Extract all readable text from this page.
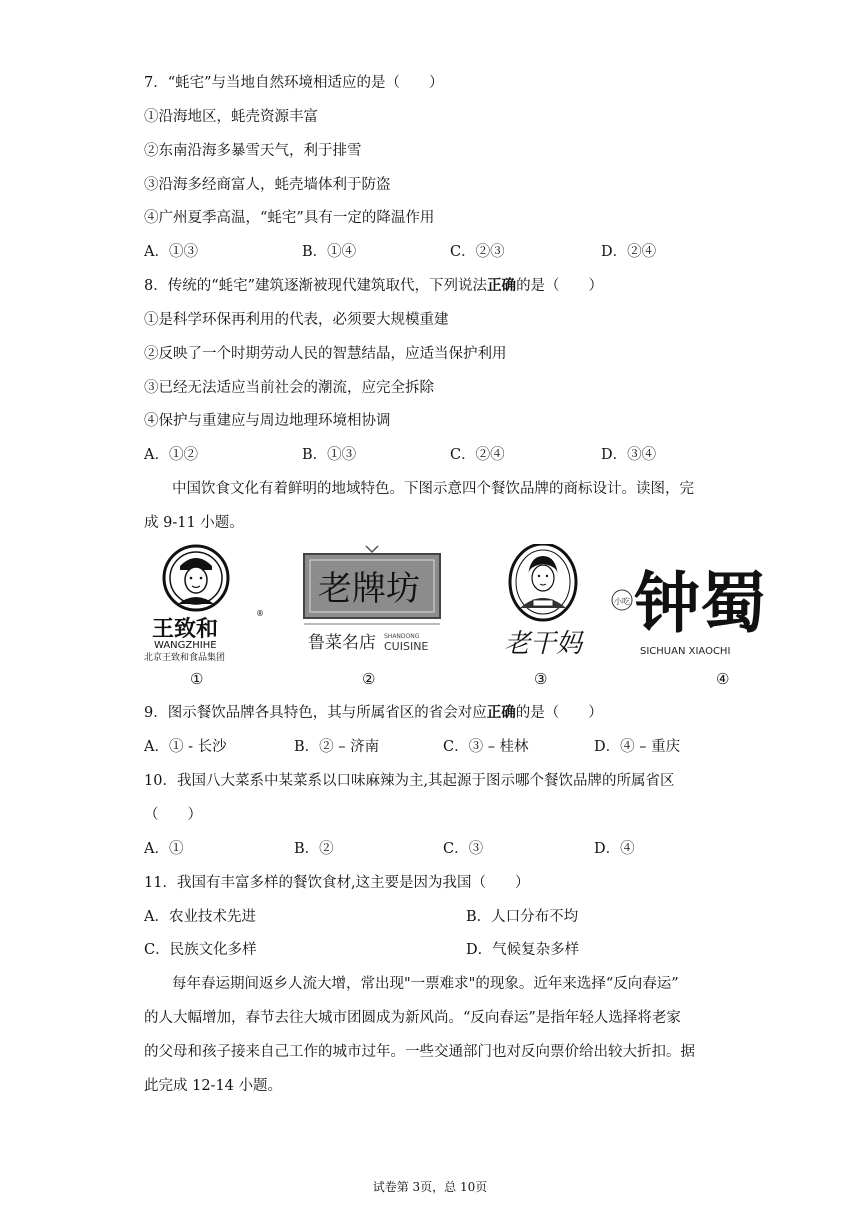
7．“蚝宅”与当地自然环境相适应的是（　　）
①沿海地区，蚝壳资源丰富
②东南沿海多暴雪天气，利于排雪
③沿海多经商富人，蚝壳墙体利于防盗
④广州夏季高温，“蚝宅”具有一定的降温作用
A．①③	B．①④	C．②③	D．②④
8．传统的“蚝宅”建筑逐渐被现代建筑取代，下列说法正确的是（　　）
①是科学环保再利用的代表，必须要大规模重建
②反映了一个时期劳动人民的智慧结晶，应适当保护利用
③已经无法适应当前社会的潮流，应完全拆除
④保护与重建应与周边地理环境相协调
A．①②	B．①③	C．②④	D．③④
中国饮食文化有着鲜明的地域特色。下图示意四个餐饮品牌的商标设计。读图，完
成 9-11 小题。
®
王致和
WANGZHIHE
北京王致和食品集团
老牌坊
鲁菜名店 SHANDONG
CUISINE	老干妈
小吃 钟蜀
SICHUAN XIAOCHI
①	②	③	④
9．图示餐饮品牌各具特色，其与所属省区的省会对应正确的是（　　）
A．① - 长沙	B．② – 济南	C．③ – 桂林	D．④ – 重庆
10．我国八大菜系中某菜系以口味麻辣为主,其起源于图示哪个餐饮品牌的所属省区
（　　）
A．①	B．②	C．③	D．④
11．我国有丰富多样的餐饮食材,这主要是因为我国（　　）
A．农业技术先进	B．人口分布不均
C．民族文化多样	D．气候复杂多样
每年春运期间返乡人流大增，常出现"一票难求"的现象。近年来选择“反向春运”
的人大幅增加，春节去往大城市团圆成为新风尚。“反向春运”是指年轻人选择将老家
的父母和孩子接来自己工作的城市过年。一些交通部门也对反向票价给出较大折扣。据
此完成 12-14 小题。
试卷第 3页，总 10页
